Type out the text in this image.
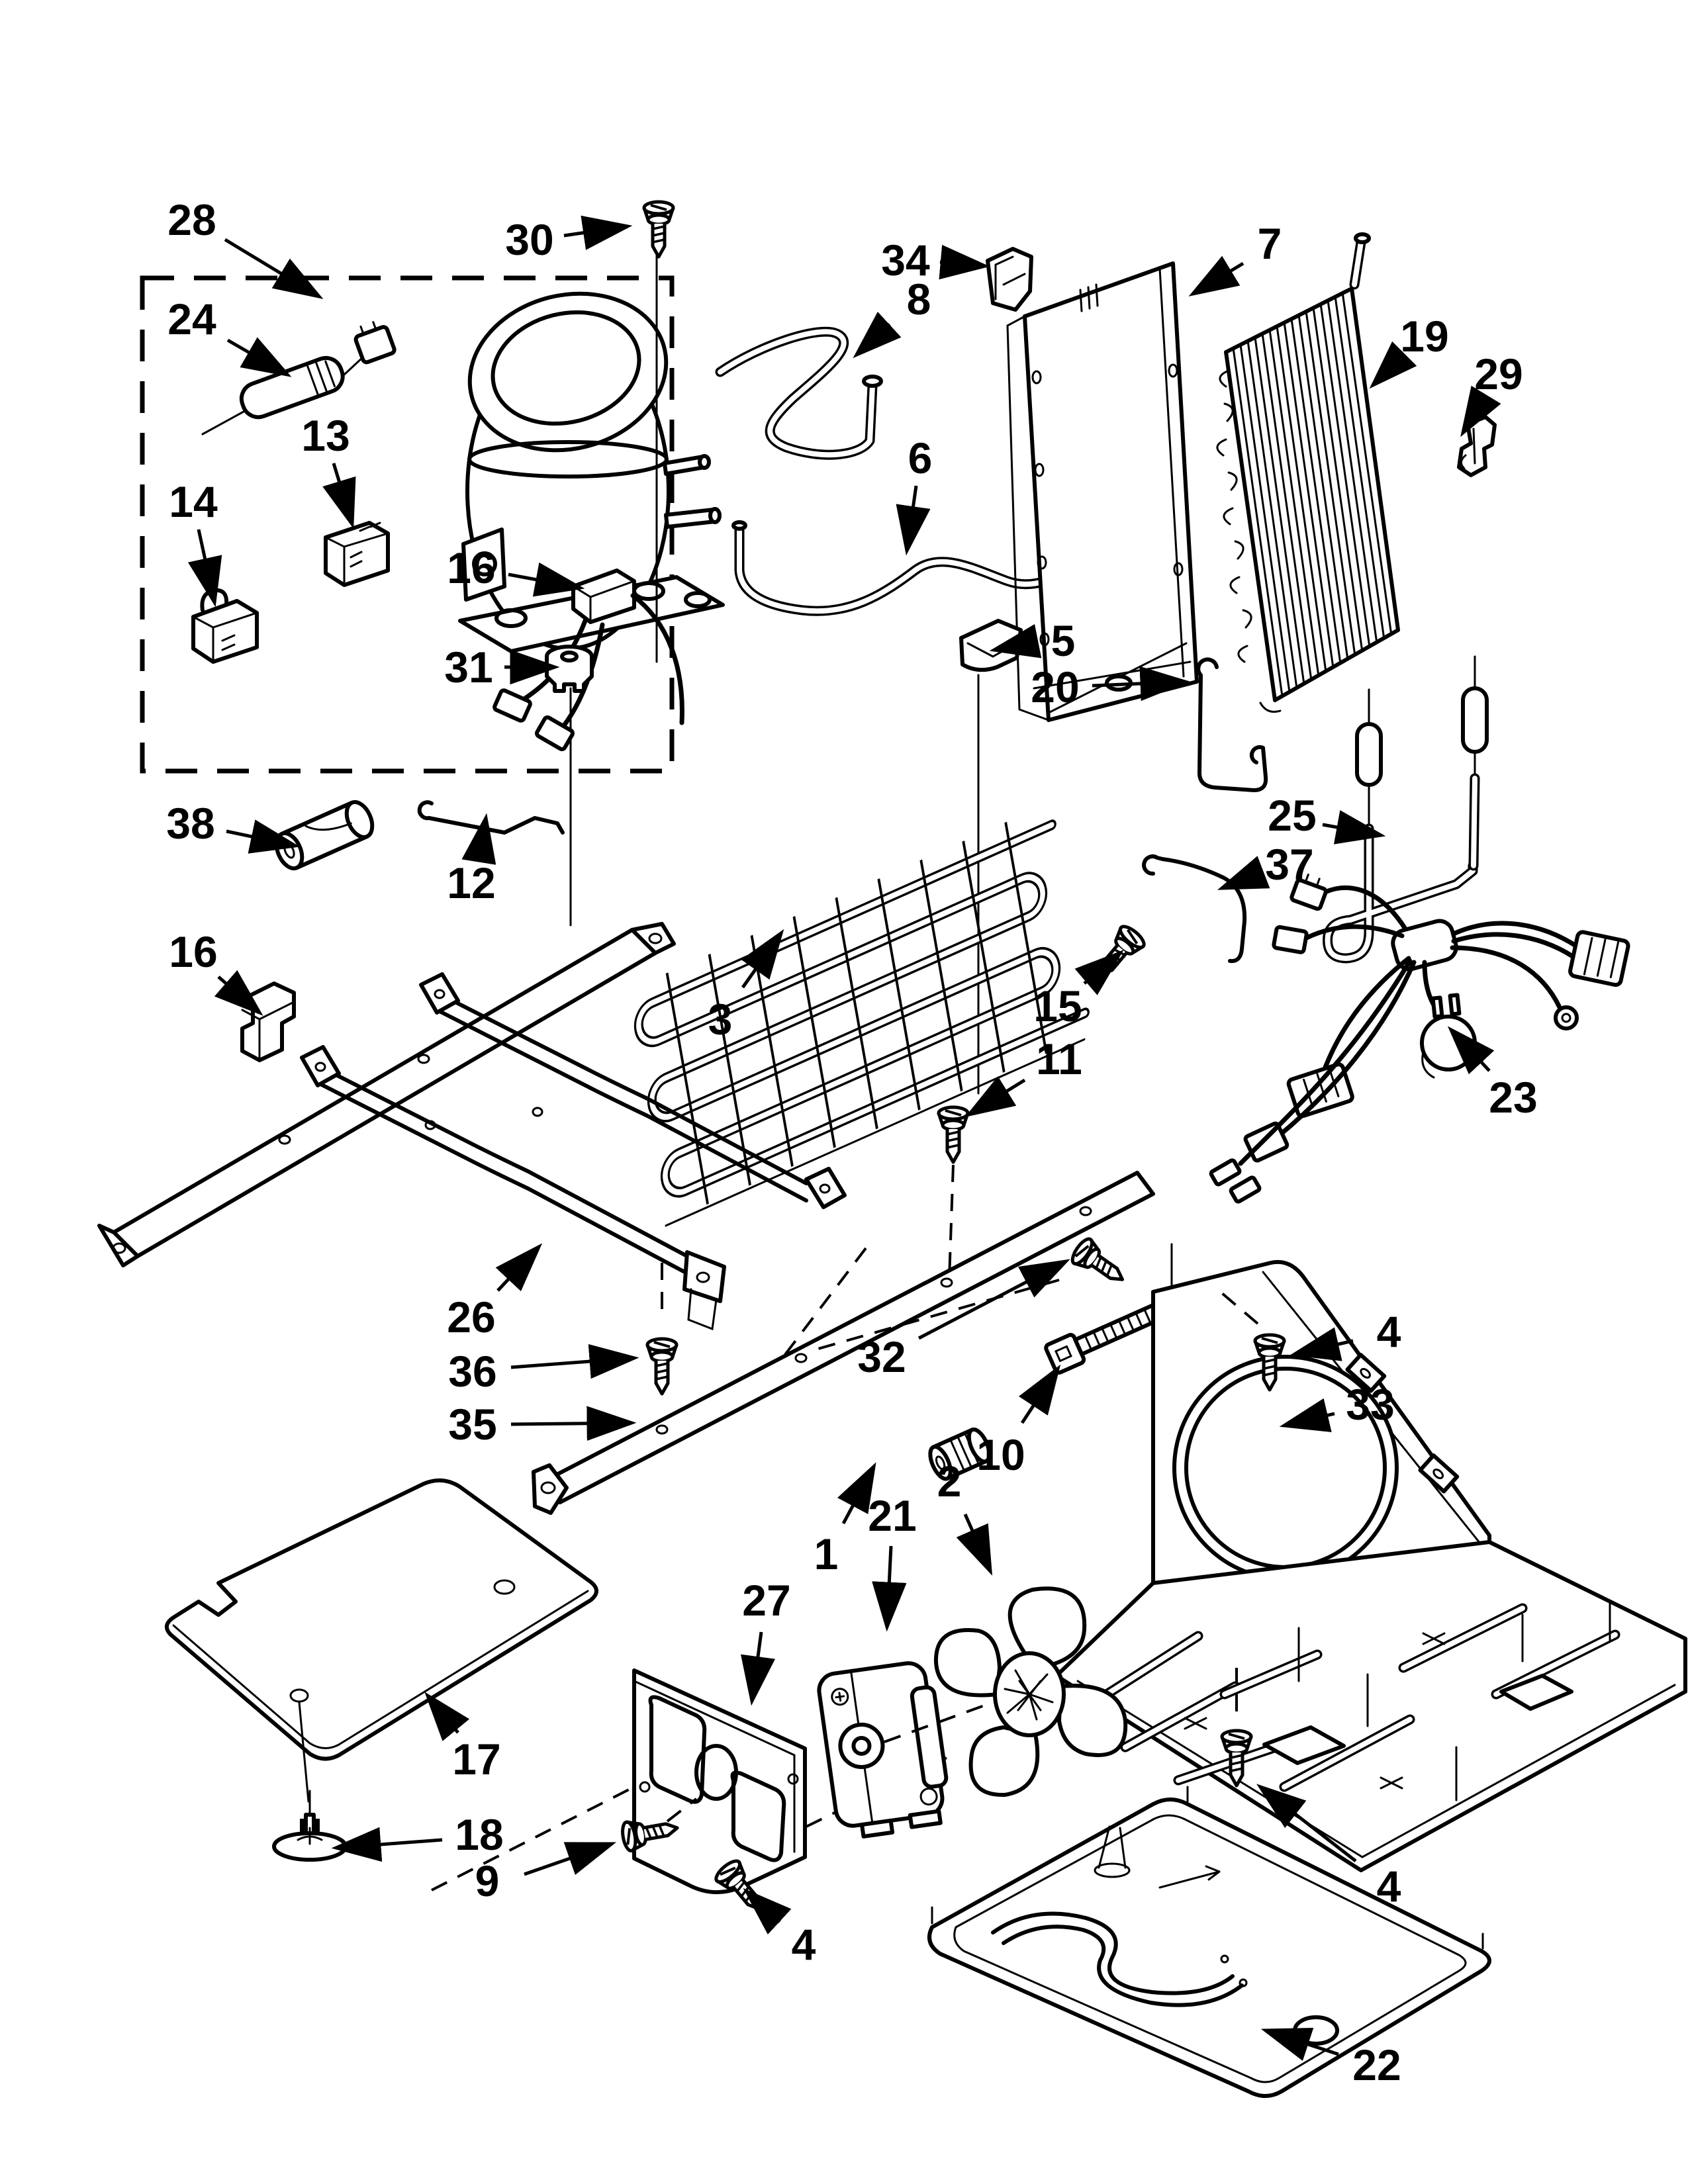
28	30	34	7
8
19
29
24
13
14
16
6
5
20
31
25
37
38
12
16
3	15
11
23
26
36
35
32
10
4
33
1
21
2
27
17
18
9
4
4
22
